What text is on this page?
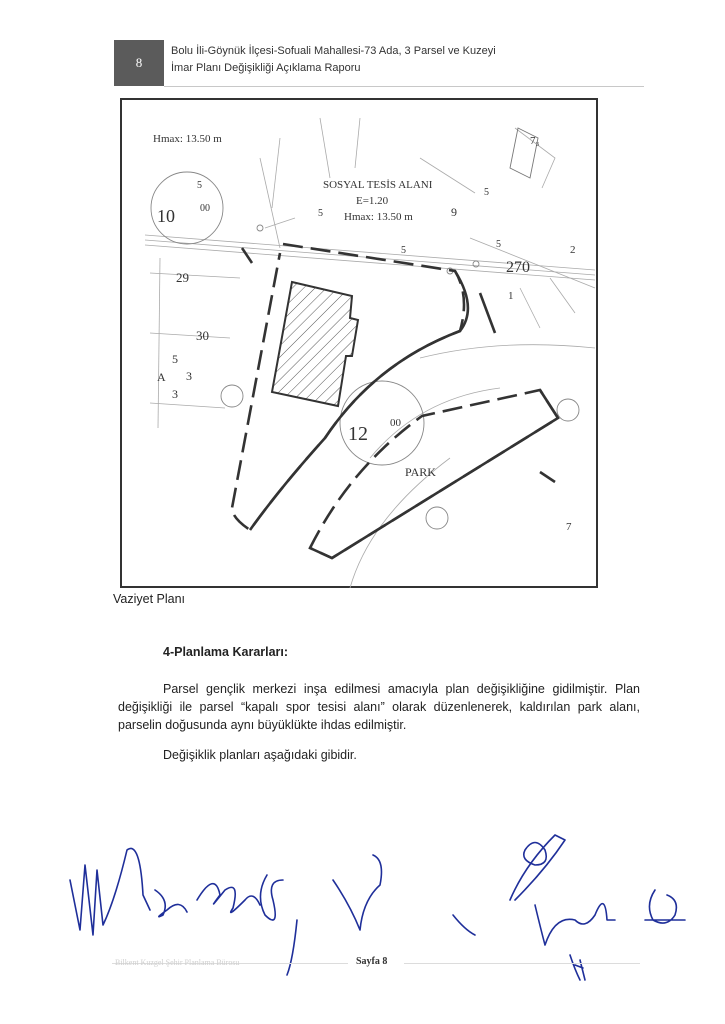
8
Bolu İli-Göynük İlçesi-Sofuali Mahallesi-73 Ada, 3 Parsel ve Kuzeyi
İmar Planı Değişikliği Açıklama Raporu
Hmax: 13.50 m
SOSYAL TESİS ALANI
E=1.20
Hmax: 13.50 m
PARK
10	00
12 00
9
270
1
2
7₃
7
29
30
5
A 3
3
5
5
5
5
5
Vaziyet Planı
4-Planlama Kararları:
Parsel gençlik merkezi inşa edilmesi amacıyla plan değişikliğine gidilmiştir. Plan değişikliği ile parsel “kapalı spor tesisi alanı” olarak düzenlenerek, kaldırılan park alanı, parselin doğusunda aynı büyüklükte ihdas edilmiştir.
Değişiklik planları aşağıdaki gibidir.
Bilkent Kuzgel Şehir Planlama Bürosu	Sayfa 8
